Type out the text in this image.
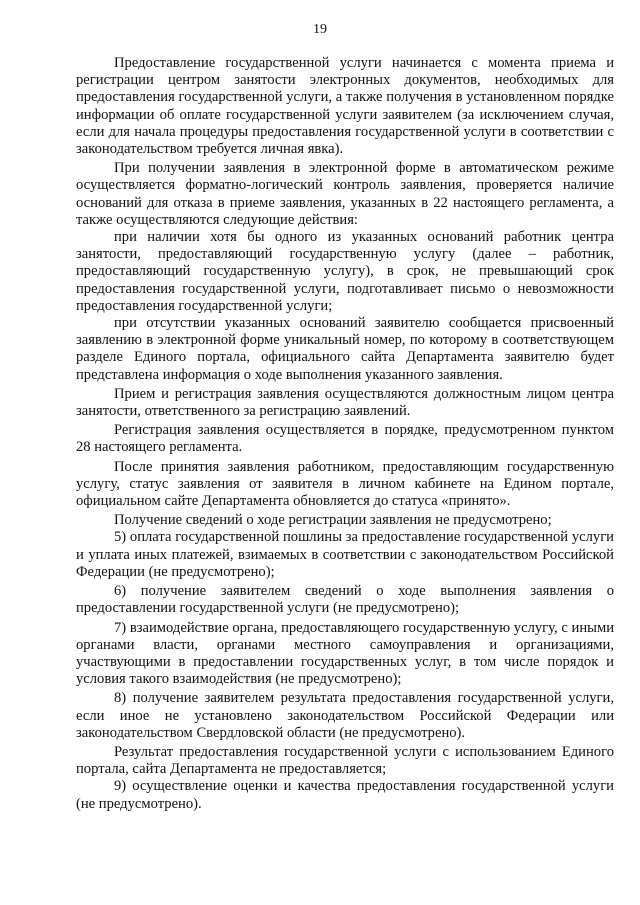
19

Предоставление государственной услуги начинается с момента приема и регистрации центром занятости электронных документов, необходимых для предоставления государственной услуги, а также получения в установленном порядке информации об оплате государственной услуги заявителем (за исключением случая, если для начала процедуры предоставления государственной услуги в соответствии с законодательством требуется личная явка).

При получении заявления в электронной форме в автоматическом режиме осуществляется форматно-логический контроль заявления, проверяется наличие оснований для отказа в приеме заявления, указанных в 22 настоящего регламента, а также осуществляются следующие действия:

при наличии хотя бы одного из указанных оснований работник центра занятости, предоставляющий государственную услугу (далее – работник, предоставляющий государственную услугу), в срок, не превышающий срок предоставления государственной услуги, подготавливает письмо о невозможности предоставления государственной услуги;

при отсутствии указанных оснований заявителю сообщается присвоенный заявлению в электронной форме уникальный номер, по которому в соответствующем разделе Единого портала, официального сайта Департамента заявителю будет представлена информация о ходе выполнения указанного заявления.

Прием и регистрация заявления осуществляются должностным лицом центра занятости, ответственного за регистрацию заявлений.

Регистрация заявления осуществляется в порядке, предусмотренном пунктом 28 настоящего регламента.

После принятия заявления работником, предоставляющим государственную услугу, статус заявления от заявителя в личном кабинете на Едином портале, официальном сайте Департамента обновляется до статуса «принято».

Получение сведений о ходе регистрации заявления не предусмотрено;

5) оплата государственной пошлины за предоставление государственной услуги и уплата иных платежей, взимаемых в соответствии с законодательством Российской Федерации (не предусмотрено);

6) получение заявителем сведений о ходе выполнения заявления о предоставлении государственной услуги (не предусмотрено);

7) взаимодействие органа, предоставляющего государственную услугу, с иными органами власти, органами местного самоуправления и организациями, участвующими в предоставлении государственных услуг, в том числе порядок и условия такого взаимодействия (не предусмотрено);

8) получение заявителем результата предоставления государственной услуги, если иное не установлено законодательством Российской Федерации или законодательством Свердловской области (не предусмотрено).

Результат предоставления государственной услуги с использованием Единого портала, сайта Департамента не предоставляется;

9) осуществление оценки и качества предоставления государственной услуги (не предусмотрено).
